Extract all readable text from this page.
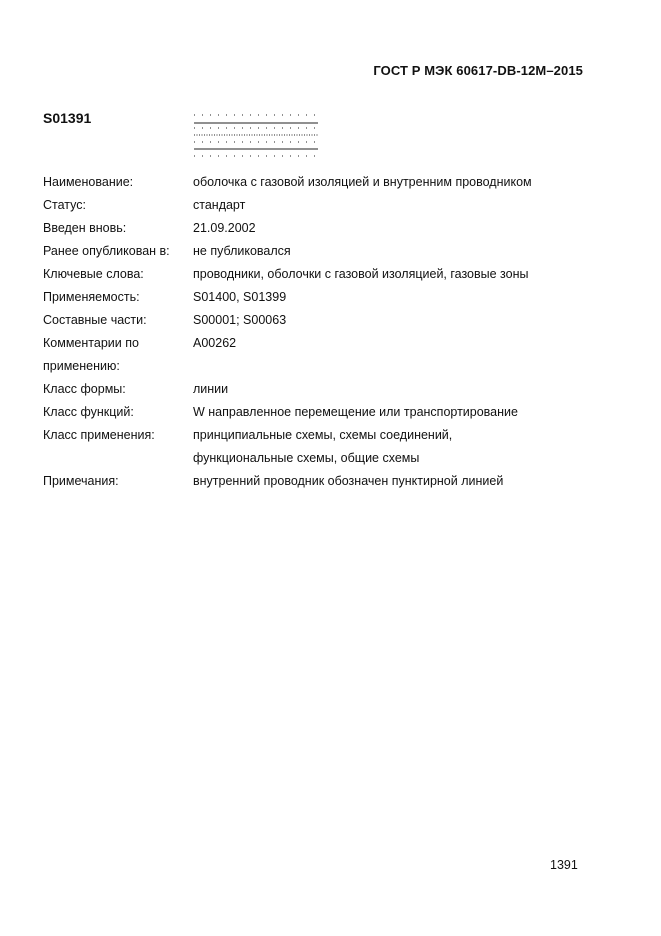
ГОСТ Р МЭК 60617-DB-12M–2015
S01391
Наименование:	оболочка с газовой изоляцией и внутренним проводником
Статус:	стандарт
Введен вновь:	21.09.2002
Ранее опубликован в:	не публиковался
Ключевые слова:	проводники, оболочки с газовой изоляцией, газовые зоны
Применяемость:	S01400, S01399
Составные части:	S00001; S00063
Комментарии по применению:
A00262
Класс формы:	линии
Класс функций:	W направленное перемещение или транспортирование
Класс применения:	принципиальные схемы, схемы соединений, функциональные схемы, общие схемы
Примечания:	внутренний проводник обозначен пунктирной линией
1391
